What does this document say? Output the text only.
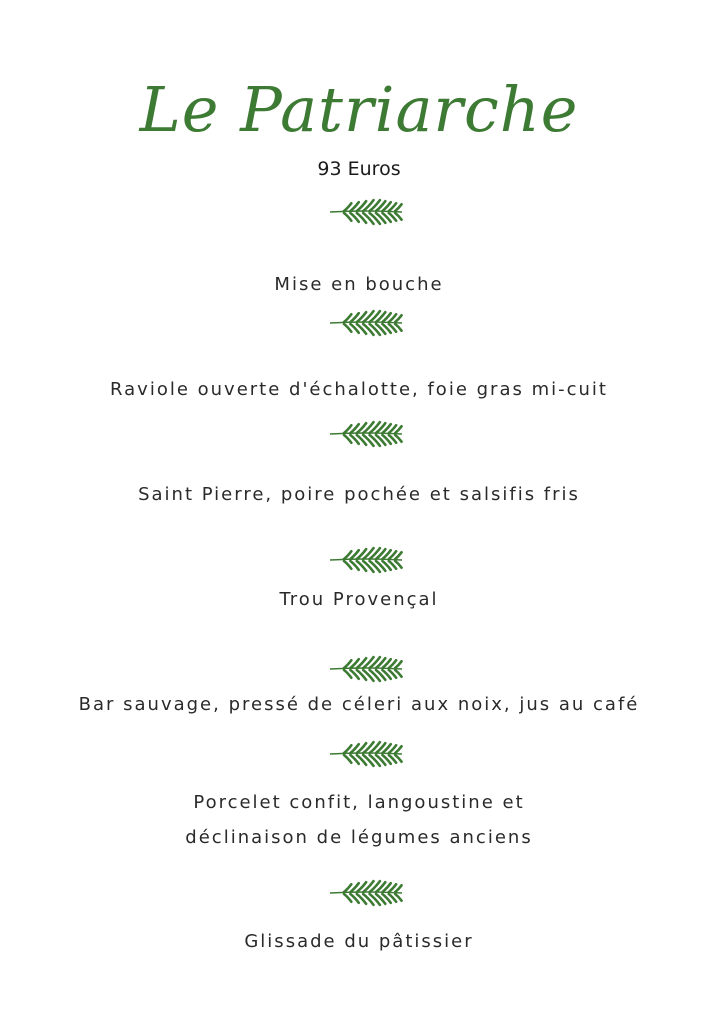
Le Patriarche
93 Euros
Mise en bouche
Raviole ouverte d'échalotte, foie gras mi-cuit
Saint Pierre, poire pochée et salsifis fris
Trou Provençal
Bar sauvage, pressé de céleri aux noix, jus au café
Porcelet confit, langoustine et
déclinaison de légumes anciens
Glissade du pâtissier
